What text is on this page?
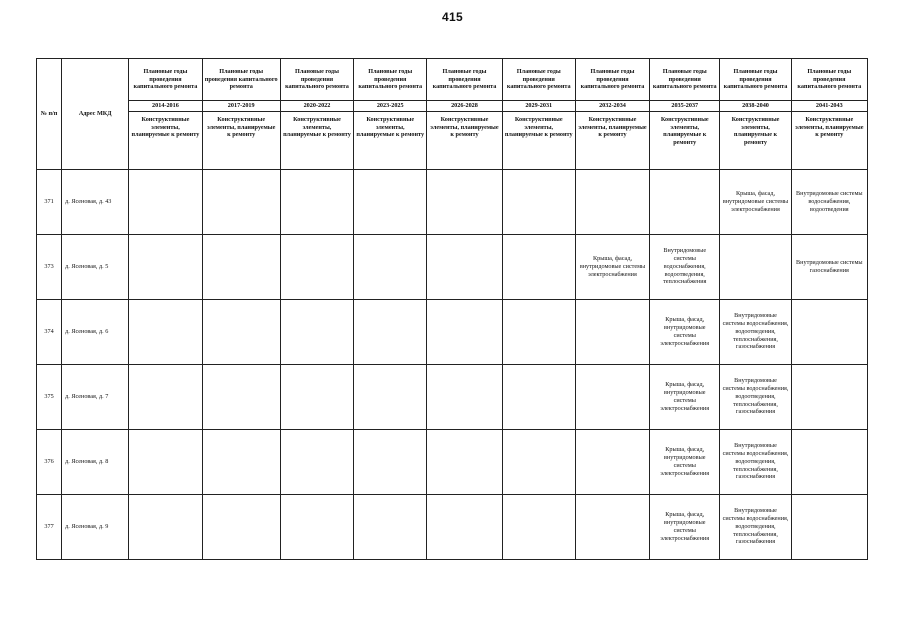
415
№ п/п	Адрес МКД	Плановые годы проведения капитального ремонта	Плановые годы проведения капитального ремонта	Плановые годы проведения капитального ремонта	Плановые годы проведения капитального ремонта	Плановые годы проведения капитального ремонта	Плановые годы проведения капитального ремонта	Плановые годы проведения капитального ремонта	Плановые годы проведения капитального ремонта	Плановые годы проведения капитального ремонта	Плановые годы проведения капитального ремонта
		2014-2016	2017-2019	2020-2022	2023-2025	2026-2028	2029-2031	2032-2034	2035-2037	2038-2040	2041-2043
		Конструктивные элементы, планируемые к ремонту	Конструктивные элементы, планируемые к ремонту	Конструктивные элементы, планируемые к ремонту	Конструктивные элементы, планируемые к ремонту	Конструктивные элементы, планируемые к ремонту	Конструктивные элементы, планируемые к ремонту	Конструктивные элементы, планируемые к ремонту	Конструктивные элементы, планируемые к ремонту	Конструктивные элементы, планируемые к ремонту	Конструктивные элементы, планируемые к ремонту
371	д. Ясеновая, д. 43									Крыша, фасад, внутридомовые системы электроснабжения	Внутридомовые системы водоснабжения, водоотведения
373	д. Ясеновая, д. 5							Крыша, фасад, внутридомовые системы электроснабжения	Внутридомовые системы водоснабжения, водоотведения, теплоснабжения		Внутридомовые системы газоснабжения
374	д. Ясеновая, д. 6								Крыша, фасад, внутридомовые системы электроснабжения	Внутридомовые системы водоснабжения, водоотведения, теплоснабжения, газоснабжения	
375	д. Ясеновая, д. 7								Крыша, фасад, внутридомовые системы электроснабжения	Внутридомовые системы водоснабжения, водоотведения, теплоснабжения, газоснабжения	
376	д. Ясеновая, д. 8								Крыша, фасад, внутридомовые системы электроснабжения	Внутридомовые системы водоснабжения, водоотведения, теплоснабжения, газоснабжения	
377	д. Ясеновая, д. 9								Крыша, фасад, внутридомовые системы электроснабжения	Внутридомовые системы водоснабжения, водоотведения, теплоснабжения, газоснабжения	
